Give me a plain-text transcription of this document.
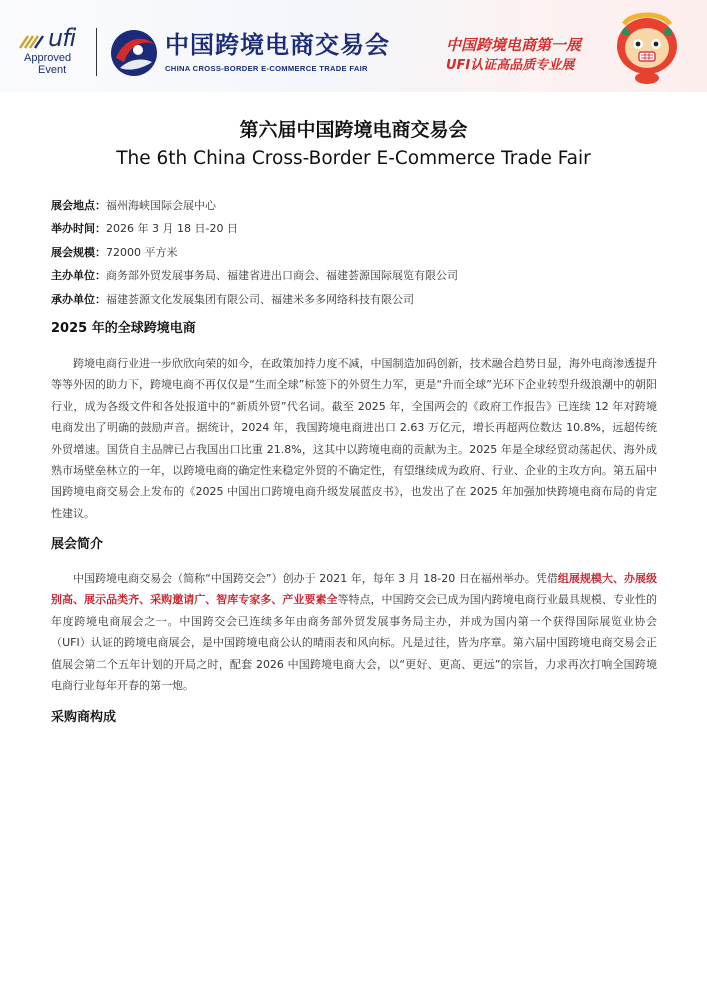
ufi
Approved
Event
中国跨境电商交易会
CHINA CROSS-BORDER E-COMMERCE TRADE FAIR
中国跨境电商第一展
UFI认证高品质专业展
第六届中国跨境电商交易会
The 6th China Cross-Border E-Commerce Trade Fair
展会地点：福州海峡国际会展中心
举办时间：2026 年 3 月 18 日-20 日
展会规模：72000 平方米
主办单位：商务部外贸发展事务局、福建省进出口商会、福建荟源国际展览有限公司
承办单位：福建荟源文化发展集团有限公司、福建米多多网络科技有限公司
2025 年的全球跨境电商

跨境电商行业进一步欣欣向荣的如今，在政策加持力度不减，中国制造加码创新，技术融合趋势日显，海外电商渗透提升等等外因的助力下，跨境电商不再仅仅是“生而全球”标签下的外贸生力军，更是“升而全球”光环下企业转型升级浪潮中的朝阳行业，成为各级文件和各处报道中的“新质外贸”代名词。截至 2025 年，全国两会的《政府工作报告》已连续 12 年对跨境电商发出了明确的鼓励声音。据统计，2024 年，我国跨境电商进出口 2.63 万亿元，增长再超两位数达 10.8%，远超传统外贸增速。国货自主品牌已占我国出口比重 21.8%，这其中以跨境电商的贡献为主。2025 年是全球经贸动荡起伏、海外成熟市场壁垒林立的一年，以跨境电商的确定性来稳定外贸的不确定性，有望继续成为政府、行业、企业的主攻方向。第五届中国跨境电商交易会上发布的《2025 中国出口跨境电商升级发展蓝皮书》，也发出了在 2025 年加强加快跨境电商布局的肯定性建议。

展会简介

中国跨境电商交易会（简称“中国跨交会”）创办于 2021 年，每年 3 月 18-20 日在福州举办。凭借组展规模大、办展级别高、展示品类齐、采购邀请广、智库专家多、产业要素全等特点，中国跨交会已成为国内跨境电商行业最具规模、专业性的年度跨境电商展会之一。中国跨交会已连续多年由商务部外贸发展事务局主办，并成为国内第一个获得国际展览业协会（UFI）认证的跨境电商展会，是中国跨境电商公认的晴雨表和风向标。凡是过往，皆为序章。第六届中国跨境电商交易会正值展会第二个五年计划的开局之时，配套 2026 中国跨境电商大会，以“更好、更高、更远”的宗旨，力求再次打响全国跨境电商行业每年开春的第一炮。

采购商构成
